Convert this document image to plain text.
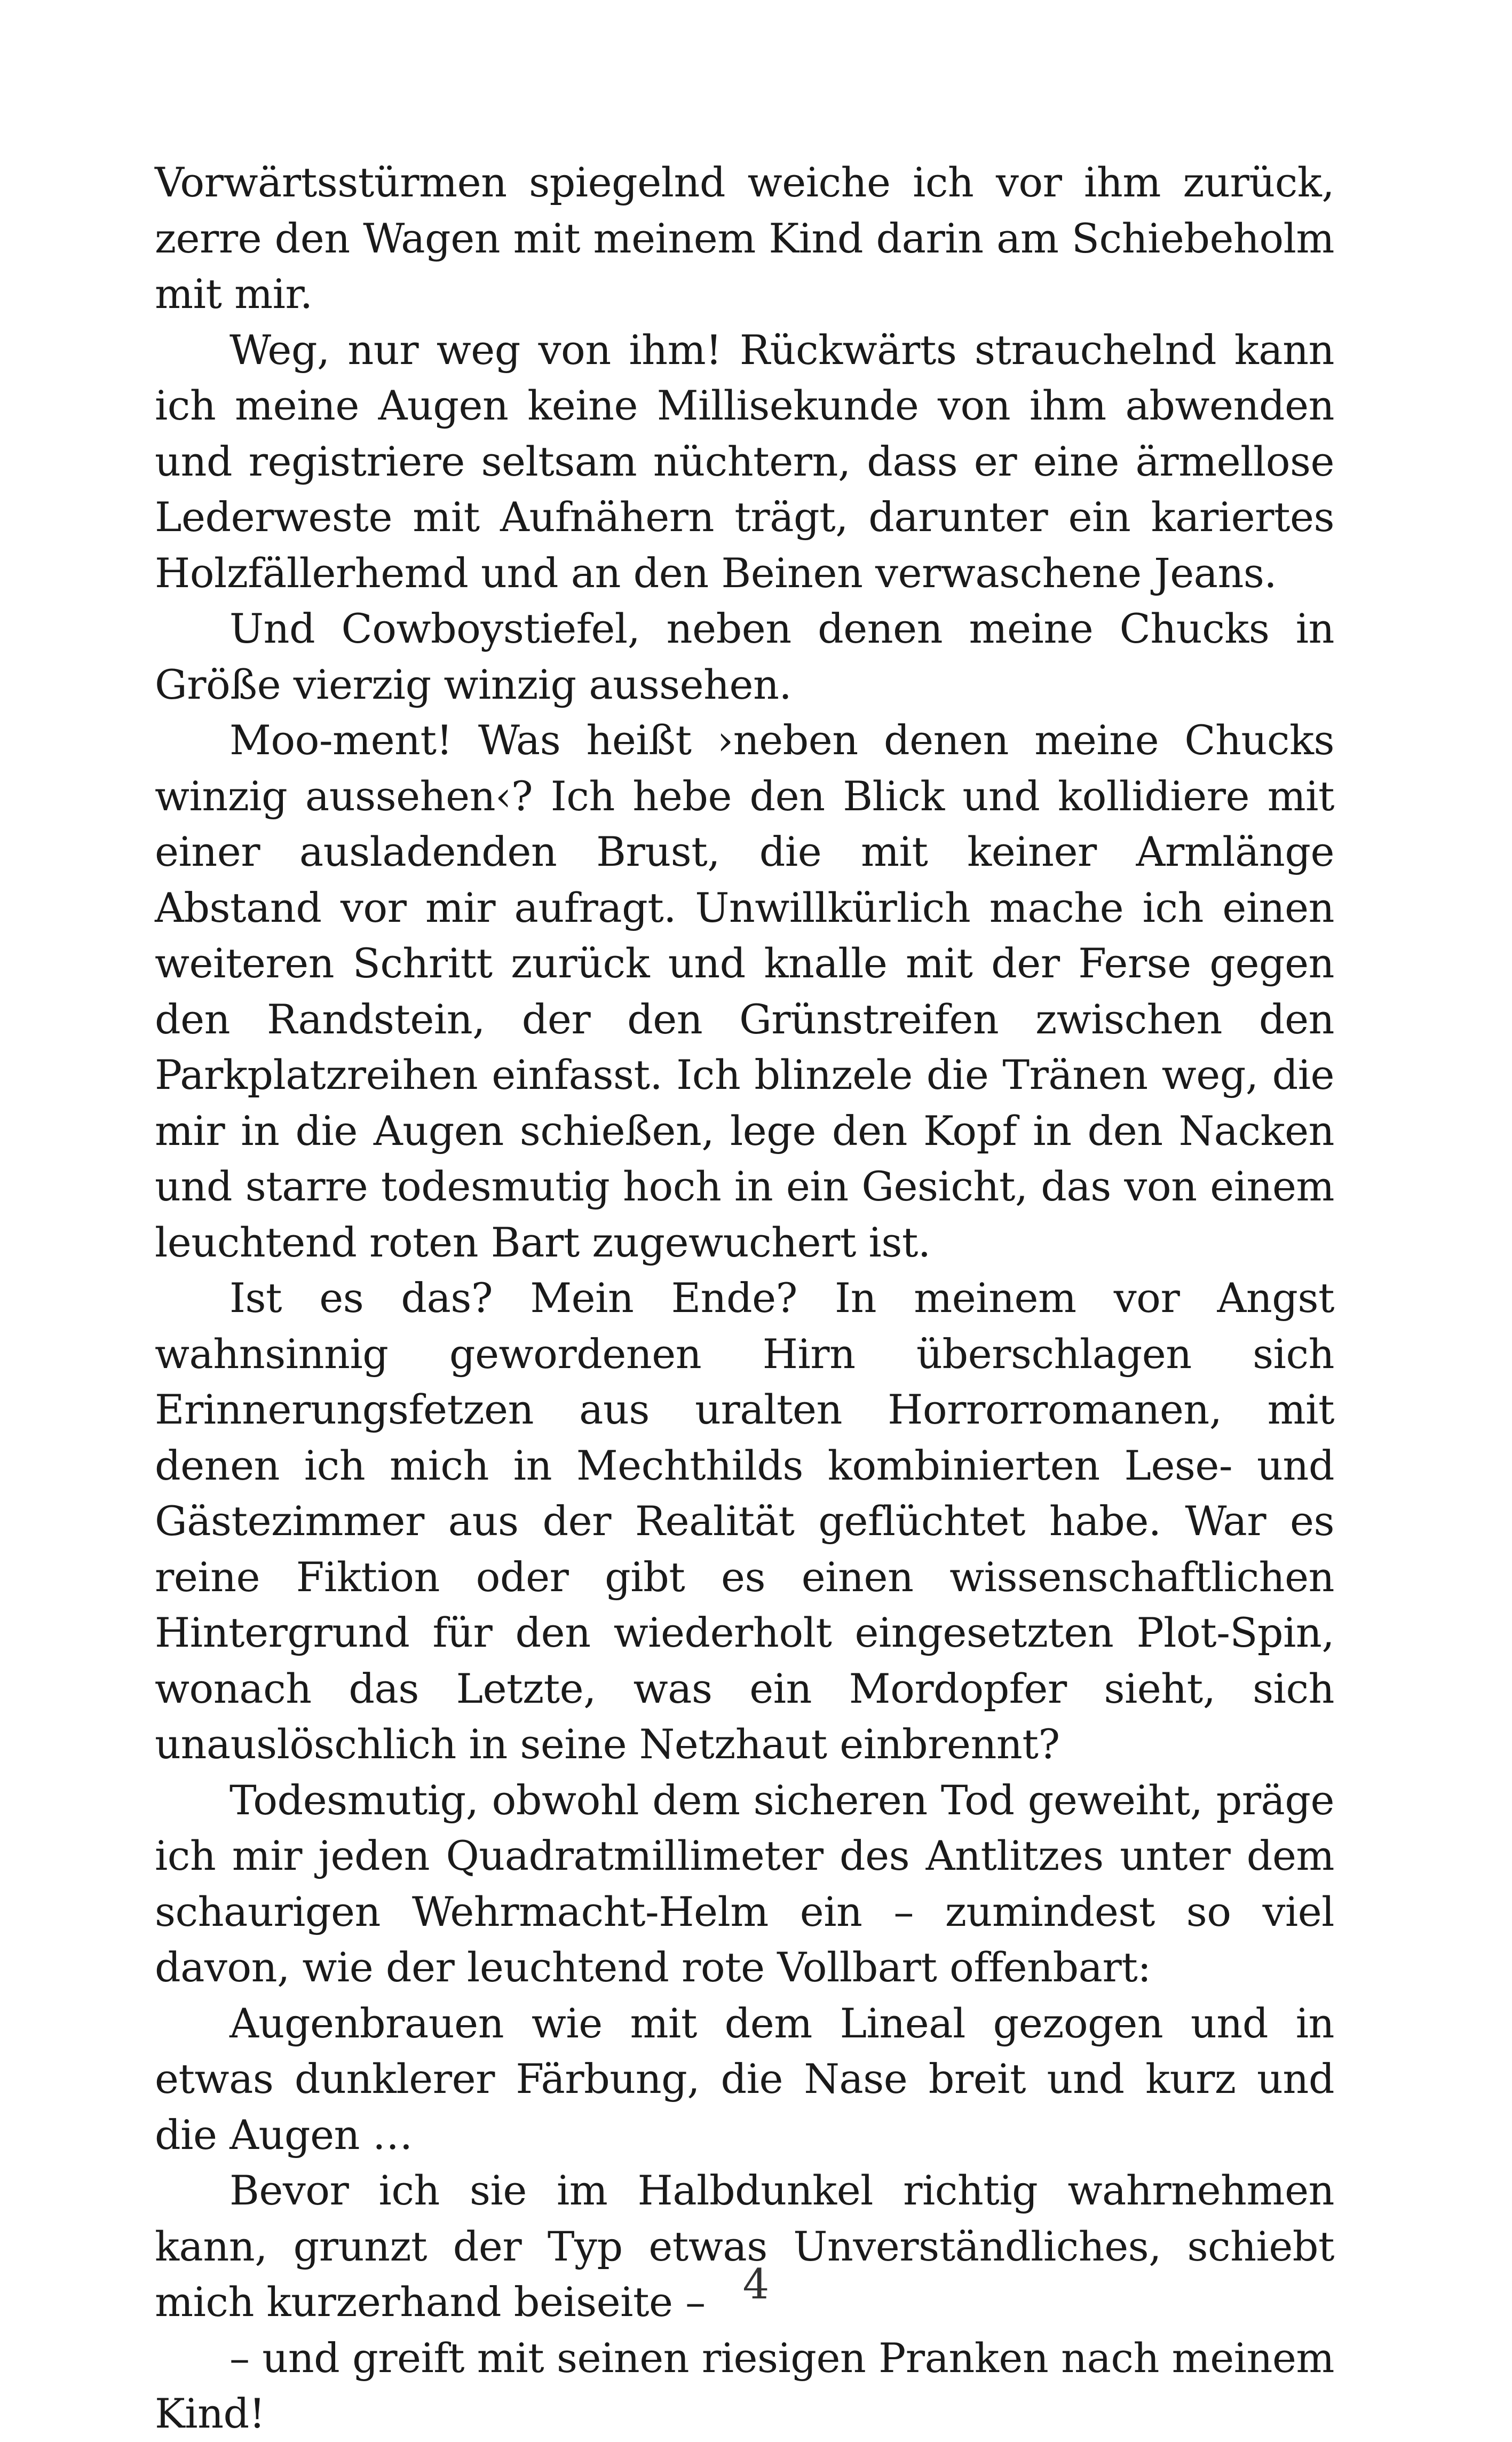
Vorwärtsstürmen spiegelnd weiche ich vor ihm zurück, zerre den Wagen mit meinem Kind darin am Schiebeholm mit mir.

Weg, nur weg von ihm! Rückwärts strauchelnd kann ich meine Augen keine Millisekunde von ihm abwenden und registriere seltsam nüchtern, dass er eine ärmellose Lederweste mit Aufnähern trägt, darunter ein kariertes Holzfällerhemd und an den Beinen verwaschene Jeans.

Und Cowboystiefel, neben denen meine Chucks in Größe vierzig winzig aussehen.

Moo-ment! Was heißt ›neben denen meine Chucks winzig aussehen‹? Ich hebe den Blick und kollidiere mit einer ausladenden Brust, die mit keiner Armlänge Abstand vor mir aufragt. Unwillkürlich mache ich einen weiteren Schritt zurück und knalle mit der Ferse gegen den Randstein, der den Grünstreifen zwischen den Parkplatzreihen einfasst. Ich blinzele die Tränen weg, die mir in die Augen schießen, lege den Kopf in den Nacken und starre todesmutig hoch in ein Gesicht, das von einem leuchtend roten Bart zugewuchert ist.

Ist es das? Mein Ende? In meinem vor Angst wahnsinnig gewordenen Hirn überschlagen sich Erinnerungsfetzen aus uralten Horrorromanen, mit denen ich mich in Mechthilds kombinierten Lese- und Gästezimmer aus der Realität geflüchtet habe. War es reine Fiktion oder gibt es einen wissenschaftlichen Hintergrund für den wiederholt eingesetzten Plot-Spin, wonach das Letzte, was ein Mordopfer sieht, sich unauslöschlich in seine Netzhaut einbrennt?

Todesmutig, obwohl dem sicheren Tod geweiht, präge ich mir jeden Quadratmillimeter des Antlitzes unter dem schaurigen Wehrmacht-Helm ein – zumindest so viel davon, wie der leuchtend rote Vollbart offenbart:

Augenbrauen wie mit dem Lineal gezogen und in etwas dunklerer Färbung, die Nase breit und kurz und die Augen …

Bevor ich sie im Halbdunkel richtig wahrnehmen kann, grunzt der Typ etwas Unverständliches, schiebt mich kurzerhand beiseite –

– und greift mit seinen riesigen Pranken nach meinem Kind!

4
